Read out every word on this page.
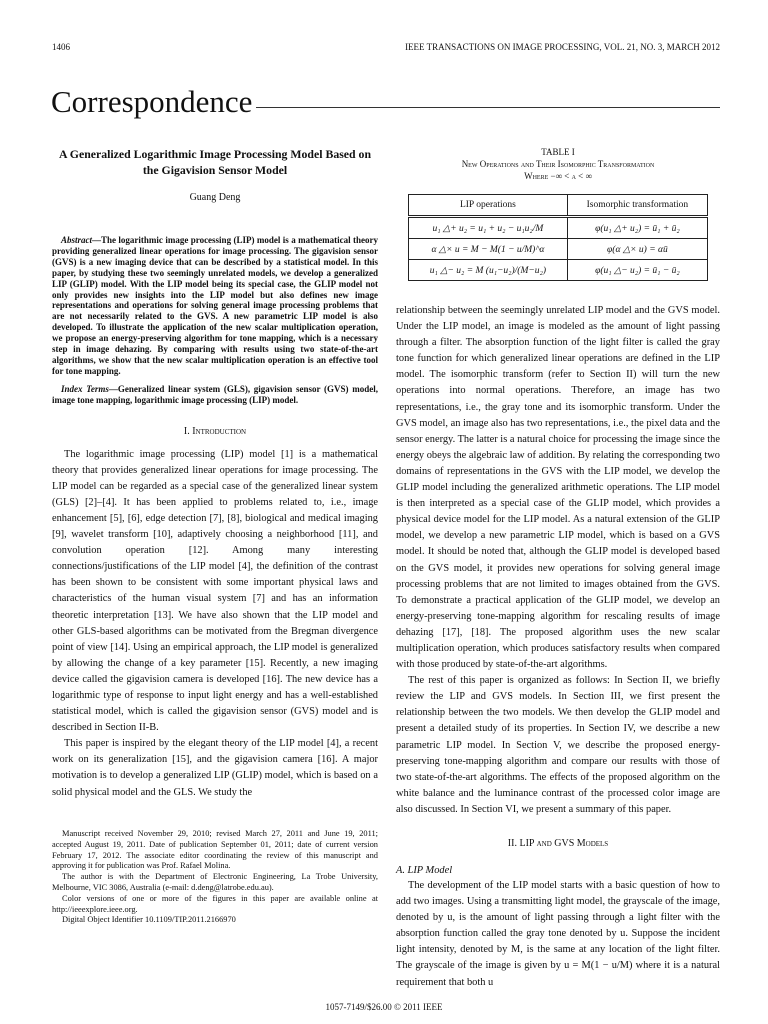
1406	IEEE TRANSACTIONS ON IMAGE PROCESSING, VOL. 21, NO. 3, MARCH 2012
Correspondence
A Generalized Logarithmic Image Processing Model Based on the Gigavision Sensor Model
Guang Deng
Abstract—The logarithmic image processing (LIP) model is a mathematical theory providing generalized linear operations for image processing. The gigavision sensor (GVS) is a new imaging device that can be described by a statistical model. In this paper, by studying these two seemingly unrelated models, we develop a generalized LIP (GLIP) model. With the LIP model being its special case, the GLIP model not only provides new insights into the LIP model but also defines new image representations and operations for solving general image processing problems that are not necessarily related to the GVS. A new parametric LIP model is also developed. To illustrate the application of the new scalar multiplication operation, we propose an energy-preserving algorithm for tone mapping, which is a necessary step in image dehazing. By comparing with results using two state-of-the-art algorithms, we show that the new scalar multiplication operation is an effective tool for tone mapping.
Index Terms—Generalized linear system (GLS), gigavision sensor (GVS) model, image tone mapping, logarithmic image processing (LIP) model.
I. Introduction

The logarithmic image processing (LIP) model [1] is a mathematical theory that provides generalized linear operations for image processing. The LIP model can be regarded as a special case of the generalized linear system (GLS) [2]–[4]. It has been applied to problems related to, i.e., image enhancement [5], [6], edge detection [7], [8], biological and medical imaging [9], wavelet transform [10], adaptively choosing a neighborhood [11], and convolution operation [12]. Among many interesting connections/justifications of the LIP model [4], the definition of the contrast has been shown to be consistent with some important physical laws and characteristics of the human visual system [7] and has an information theoretic interpretation [13]. We have also shown that the LIP model and other GLS-based algorithms can be motivated from the Bregman divergence point of view [14]. Using an empirical approach, the LIP model is generalized by allowing the change of a key parameter [15]. Recently, a new imaging device called the gigavision camera is developed [16]. The new device has a logarithmic type of response to input light energy and has a well-established statistical model, which is called the gigavision sensor (GVS) model and is described in Section II-B.

This paper is inspired by the elegant theory of the LIP model [4], a recent work on its generalization [15], and the gigavision camera [16]. A major motivation is to develop a generalized LIP (GLIP) model, which is based on a solid physical model and the GLS. We study the

Manuscript received November 29, 2010; revised March 27, 2011 and June 19, 2011; accepted August 19, 2011. Date of publication September 01, 2011; date of current version February 17, 2012. The associate editor coordinating the review of this manuscript and approving it for publication was Prof. Rafael Molina.

The author is with the Department of Electronic Engineering, La Trobe University, Melbourne, VIC 3086, Australia (e-mail: d.deng@latrobe.edu.au).

Color versions of one or more of the figures in this paper are available online at http://ieeexplore.ieee.org.

Digital Object Identifier 10.1109/TIP.2011.2166970

TABLE I
New Operations and Their Isomorphic Transformation
Where −∞ < α < ∞
LIP operations	Isomorphic transformation
u₁ △+ u₂ = u₁ + u₂ − u₁u₂/M	φ(u₁ △+ u₂) = ū₁ + ū₂
α △× u = M − M(1 − u/M)^α	φ(α △× u) = αū
u₁ △− u₂ = M (u₁−u₂)/(M−u₂)	φ(u₁ △− u₂) = ū₁ − ū₂

relationship between the seemingly unrelated LIP model and the GVS model. Under the LIP model, an image is modeled as the amount of light passing through a filter. The absorption function of the light filter is called the gray tone function for which generalized linear operations are defined in the LIP model. The isomorphic transform (refer to Section II) will turn the new operations into normal operations. Therefore, an image has two representations, i.e., the gray tone and its isomorphic transform. Under the GVS model, an image also has two representations, i.e., the pixel data and the sensor energy. The latter is a natural choice for processing the image since the energy obeys the algebraic law of addition. By relating the corresponding two domains of representations in the GVS with the LIP model, we develop the GLIP model including the generalized arithmetic operations. The LIP model is then interpreted as a special case of the GLIP model, which provides a physical device model for the LIP model. As a natural extension of the GLIP model, we develop a new parametric LIP model, which is based on a GVS model. It should be noted that, although the GLIP model is developed based on the GVS model, it provides new operations for solving general image processing problems that are not limited to images obtained from the GVS. To demonstrate a practical application of the GLIP model, we develop an energy-preserving tone-mapping algorithm for rescaling results of image dehazing [17], [18]. The proposed algorithm uses the new scalar multiplication operation, which produces satisfactory results when compared with those produced by state-of-the-art algorithms.

The rest of this paper is organized as follows: In Section II, we briefly review the LIP and GVS models. In Section III, we first present the relationship between the two models. We then develop the GLIP model and present a detailed study of its properties. In Section IV, we describe a new parametric LIP model. In Section V, we describe the proposed energy-preserving tone-mapping algorithm and compare our results with those of two state-of-the-art algorithms. The effects of the proposed algorithm on the white balance and the luminance contrast of the processed color image are also discussed. In Section VI, we present a summary of this paper.

II. LIP and GVS Models
A. LIP Model

The development of the LIP model starts with a basic question of how to add two images. Using a transmitting light model, the grayscale of the image, denoted by u, is the amount of light passing through a light filter with the absorption function called the gray tone denoted by u. Suppose the incident light intensity, denoted by M, is the same at any location of the light filter. The grayscale of the image is given by u = M(1 − u/M) where it is a natural requirement that both u

1057-7149/$26.00 © 2011 IEEE
